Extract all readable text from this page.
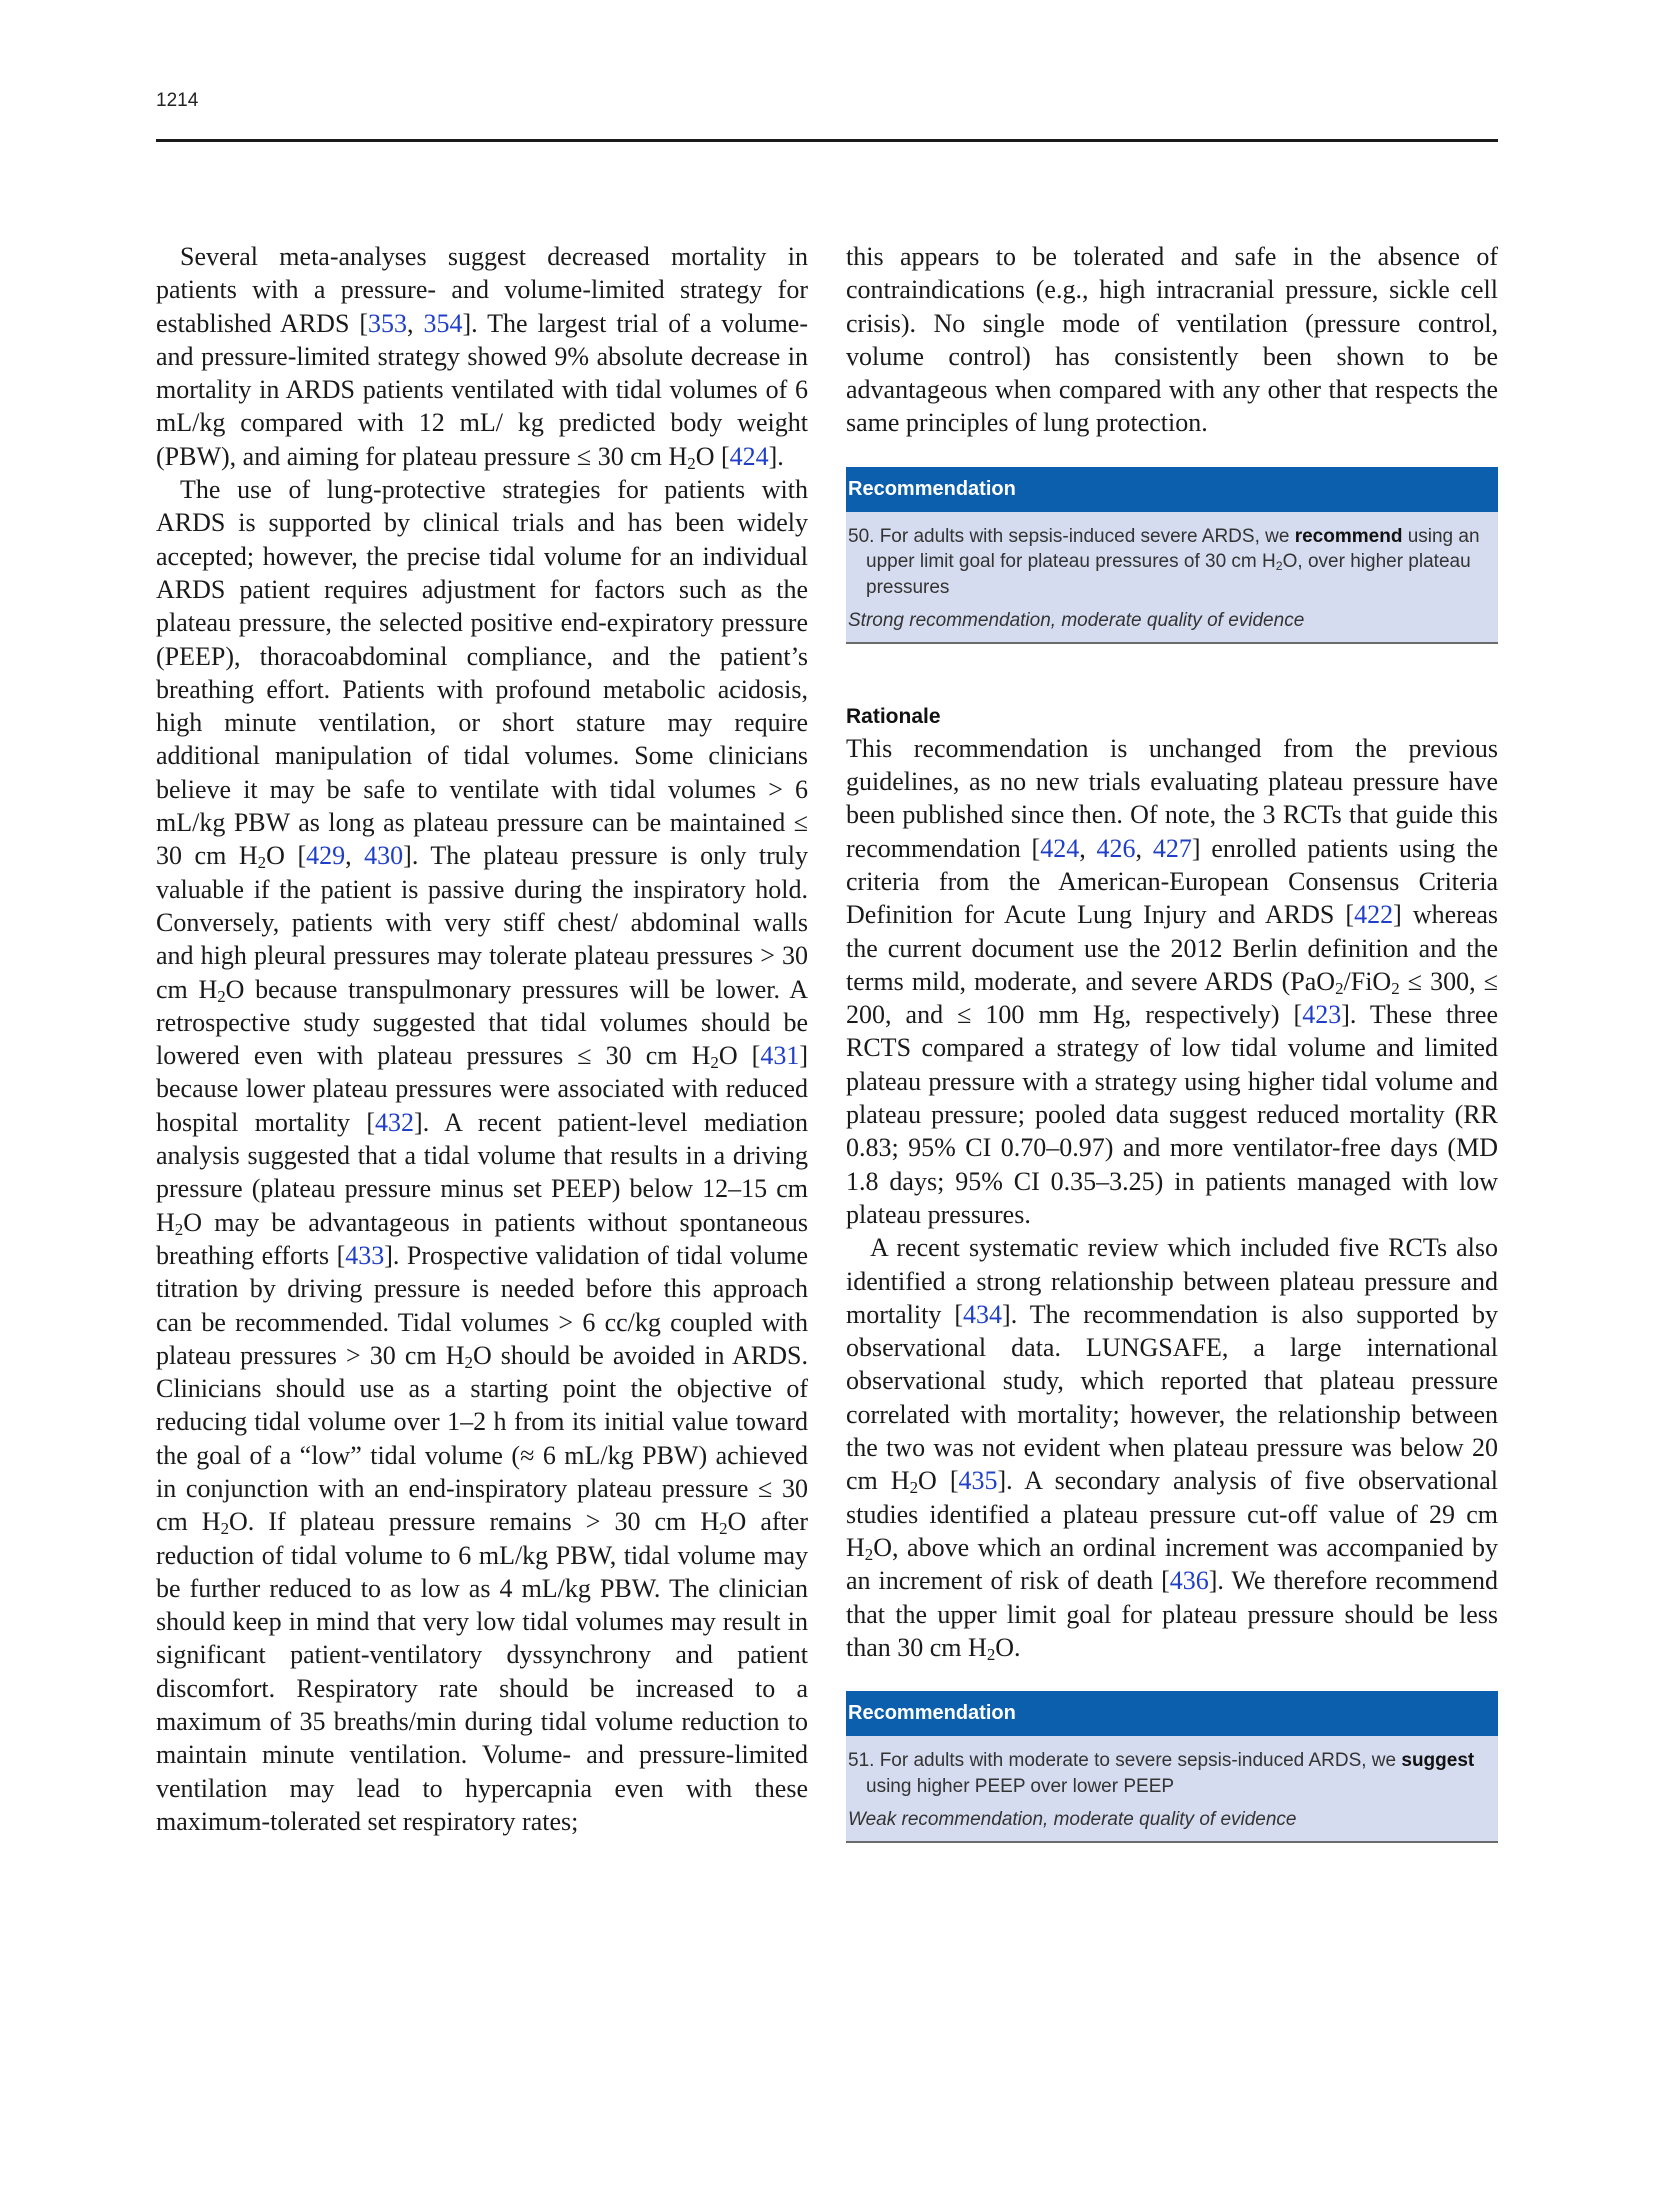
1214

Several meta-analyses suggest decreased mortality in patients with a pressure- and volume-limited strategy for established ARDS [353, 354]. The largest trial of a volume- and pressure-limited strategy showed 9% absolute decrease in mortality in ARDS patients ventilated with tidal volumes of 6 mL/kg compared with 12 mL/ kg predicted body weight (PBW), and aiming for plateau pressure ≤ 30 cm $H_2O$ [424].

The use of lung-protective strategies for patients with ARDS is supported by clinical trials and has been widely accepted; however, the precise tidal volume for an individual ARDS patient requires adjustment for factors such as the plateau pressure, the selected positive end-expiratory pressure (PEEP), thoracoabdominal compliance, and the patient’s breathing effort. Patients with profound metabolic acidosis, high minute ventilation, or short stature may require additional manipulation of tidal volumes. Some clinicians believe it may be safe to ventilate with tidal volumes > 6 mL/kg PBW as long as plateau pressure can be maintained ≤ 30 cm $H_2O$ [429, 430]. The plateau pressure is only truly valuable if the patient is passive during the inspiratory hold. Conversely, patients with very stiff chest/ abdominal walls and high pleural pressures may tolerate plateau pressures > 30 cm $H_2O$ because transpulmonary pressures will be lower. A retrospective study suggested that tidal volumes should be lowered even with plateau pressures ≤ 30 cm $H_2O$ [431] because lower plateau pressures were associated with reduced hospital mortality [432]. A recent patient-level mediation analysis suggested that a tidal volume that results in a driving pressure (plateau pressure minus set PEEP) below 12–15 cm $H_2O$ may be advantageous in patients without spontaneous breathing efforts [433]. Prospective validation of tidal volume titration by driving pressure is needed before this approach can be recommended. Tidal volumes > 6 cc/kg coupled with plateau pressures > 30 cm $H_2O$ should be avoided in ARDS. Clinicians should use as a starting point the objective of reducing tidal volume over 1–2 h from its initial value toward the goal of a “low” tidal volume (≈ 6 mL/kg PBW) achieved in conjunction with an end-inspiratory plateau pressure ≤ 30 cm $H_2O$. If plateau pressure remains > 30 cm $H_2O$ after reduction of tidal volume to 6 mL/kg PBW, tidal volume may be further reduced to as low as 4 mL/kg PBW. The clinician should keep in mind that very low tidal volumes may result in significant patient-ventilatory dyssynchrony and patient discomfort. Respiratory rate should be increased to a maximum of 35 breaths/min during tidal volume reduction to maintain minute ventilation. Volume- and pressure-limited ventilation may lead to hypercapnia even with these maximum-tolerated set respiratory rates;

this appears to be tolerated and safe in the absence of contraindications (e.g., high intracranial pressure, sickle cell crisis). No single mode of ventilation (pressure control, volume control) has consistently been shown to be advantageous when compared with any other that respects the same principles of lung protection.

Recommendation
50. For adults with sepsis-induced severe ARDS, we recommend using an upper limit goal for plateau pressures of 30 cm $H_2O$, over higher plateau pressures
Strong recommendation, moderate quality of evidence
Rationale

This recommendation is unchanged from the previous guidelines, as no new trials evaluating plateau pressure have been published since then. Of note, the 3 RCTs that guide this recommendation [424, 426, 427] enrolled patients using the criteria from the American-European Consensus Criteria Definition for Acute Lung Injury and ARDS [422] whereas the current document use the 2012 Berlin definition and the terms mild, moderate, and severe ARDS (PaO$_2$/FiO$_2$ ≤ 300, ≤ 200, and ≤ 100 mm Hg, respectively) [423]. These three RCTS compared a strategy of low tidal volume and limited plateau pressure with a strategy using higher tidal volume and plateau pressure; pooled data suggest reduced mortality (RR 0.83; 95% CI 0.70–0.97) and more ventilator-free days (MD 1.8 days; 95% CI 0.35–3.25) in patients managed with low plateau pressures.

A recent systematic review which included five RCTs also identified a strong relationship between plateau pressure and mortality [434]. The recommendation is also supported by observational data. LUNGSAFE, a large international observational study, which reported that plateau pressure correlated with mortality; however, the relationship between the two was not evident when plateau pressure was below 20 cm $H_2O$ [435]. A secondary analysis of five observational studies identified a plateau pressure cut-off value of 29 cm $H_2O$, above which an ordinal increment was accompanied by an increment of risk of death [436]. We therefore recommend that the upper limit goal for plateau pressure should be less than 30 cm $H_2O$.

Recommendation
51. For adults with moderate to severe sepsis-induced ARDS, we suggest using higher PEEP over lower PEEP
Weak recommendation, moderate quality of evidence
